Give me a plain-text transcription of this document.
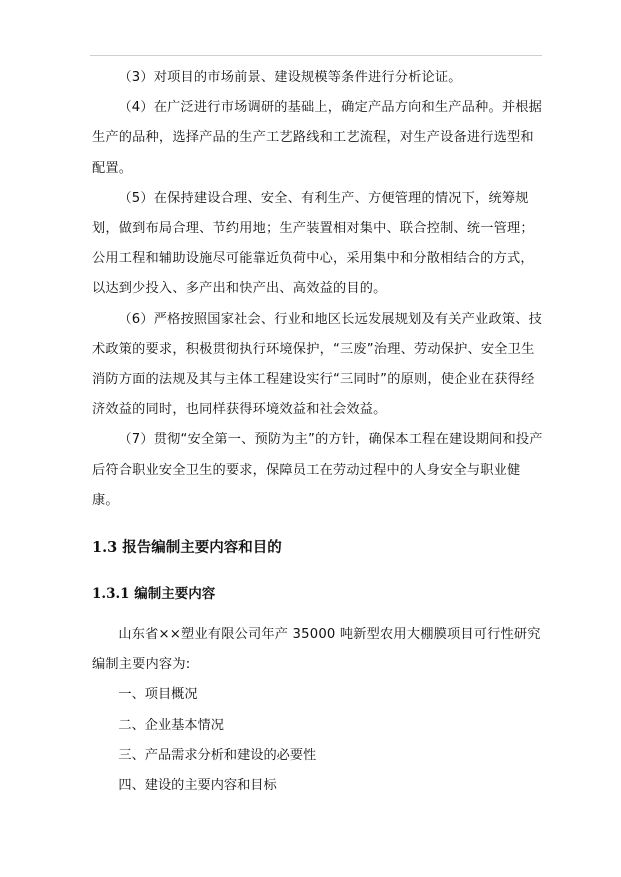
（3）对项目的市场前景、建设规模等条件进行分析论证。

（4）在广泛进行市场调研的基础上，确定产品方向和生产品种。并根据生产的品种，选择产品的生产工艺路线和工艺流程，对生产设备进行选型和配置。

（5）在保持建设合理、安全、有利生产、方便管理的情况下，统筹规划，做到布局合理、节约用地；生产装置相对集中、联合控制、统一管理；公用工程和辅助设施尽可能靠近负荷中心，采用集中和分散相结合的方式，以达到少投入、多产出和快产出、高效益的目的。

（6）严格按照国家社会、行业和地区长远发展规划及有关产业政策、技术政策的要求，积极贯彻执行环境保护，“三废”治理、劳动保护、安全卫生消防方面的法规及其与主体工程建设实行“三同时”的原则，使企业在获得经济效益的同时，也同样获得环境效益和社会效益。

（7）贯彻“安全第一、预防为主”的方针，确保本工程在建设期间和投产后符合职业安全卫生的要求，保障员工在劳动过程中的人身安全与职业健康。

1.3 报告编制主要内容和目的
1.3.1 编制主要内容

山东省××塑业有限公司年产 35000 吨新型农用大棚膜项目可行性研究编制主要内容为:

一、项目概况

二、企业基本情况

三、产品需求分析和建设的必要性

四、建设的主要内容和目标
